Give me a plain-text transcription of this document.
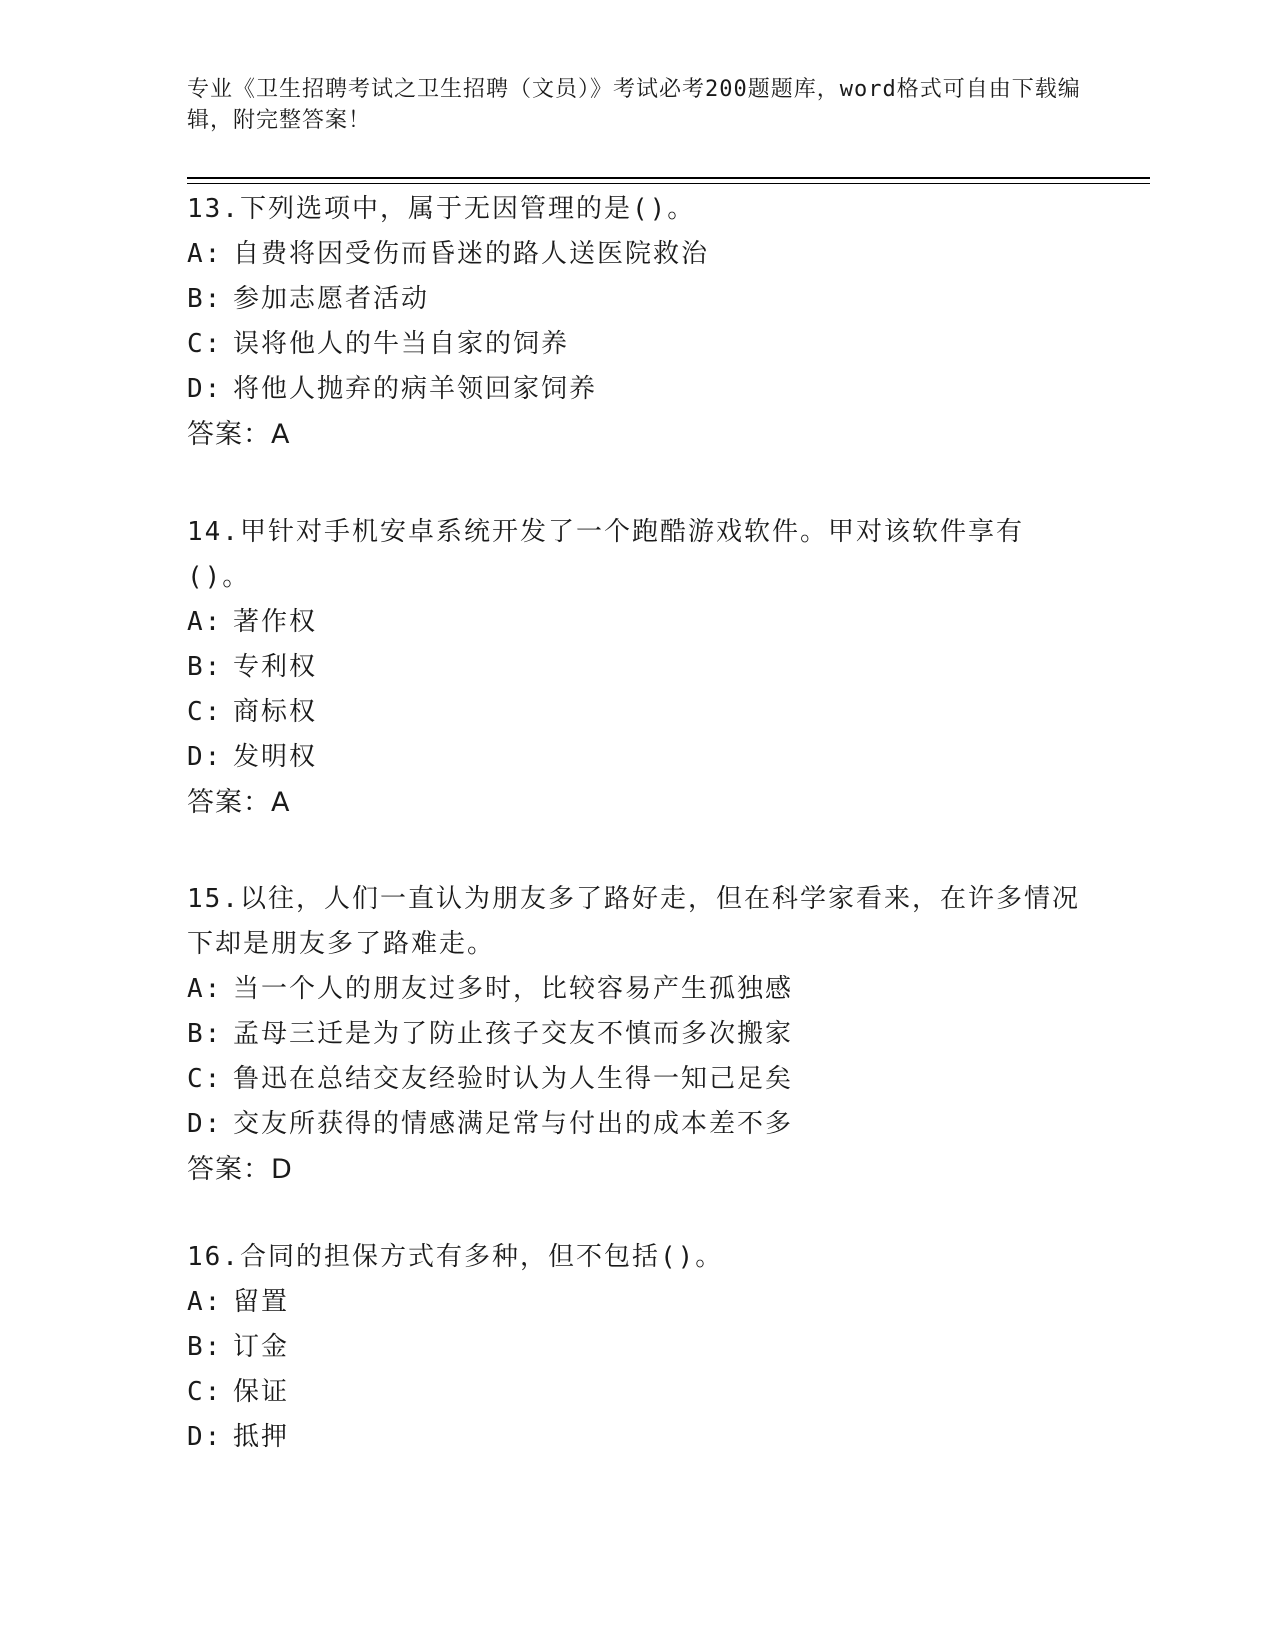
专业《卫生招聘考试之卫生招聘（文员）》考试必考200题题库，word格式可自由下载编辑，附完整答案！

13.下列选项中，属于无因管理的是()。

A: 自费将因受伤而昏迷的路人送医院救治

B: 参加志愿者活动

C: 误将他人的牛当自家的饲养

D: 将他人抛弃的病羊领回家饲养

答案：A

14.甲针对手机安卓系统开发了一个跑酷游戏软件。甲对该软件享有()。

A: 著作权

B: 专利权

C: 商标权

D: 发明权

答案：A

15.以往，人们一直认为朋友多了路好走，但在科学家看来，在许多情况下却是朋友多了路难走。

A: 当一个人的朋友过多时，比较容易产生孤独感

B: 孟母三迁是为了防止孩子交友不慎而多次搬家

C: 鲁迅在总结交友经验时认为人生得一知己足矣

D: 交友所获得的情感满足常与付出的成本差不多

答案：D

16.合同的担保方式有多种，但不包括()。

A: 留置

B: 订金

C: 保证

D: 抵押
